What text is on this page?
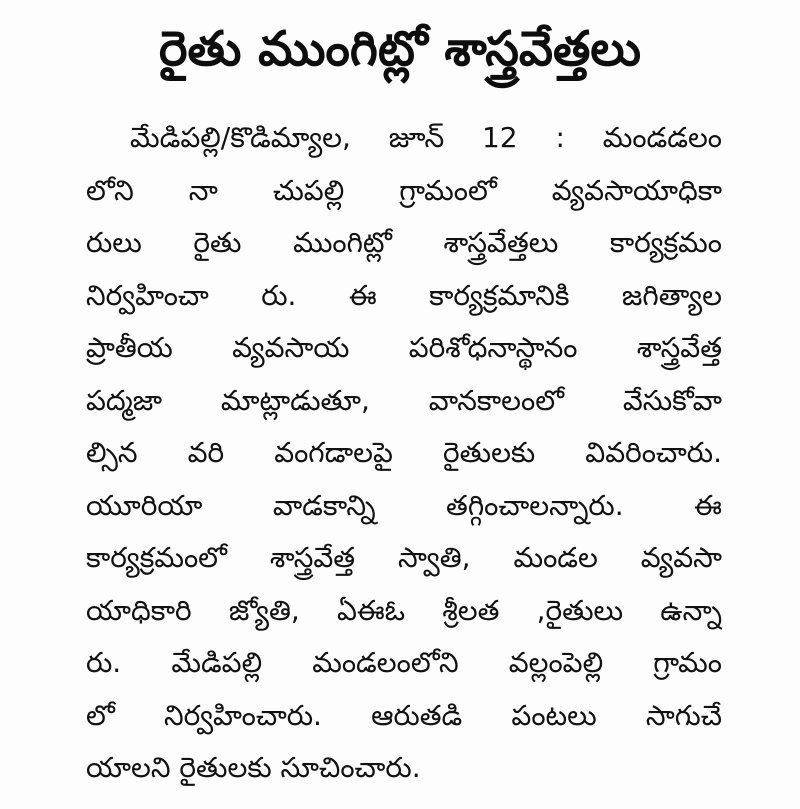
రైతు ముంగిట్లో శాస్త్రవేత్తలు
మేడిపల్లి/కొడిమ్యాల, జూన్ 12 : మండడలం
లోని నా చుపల్లి గ్రామంలో వ్యవసాయాధికా
రులు రైతు ముంగిట్లో శాస్త్రవేత్తలు కార్యక్రమం
నిర్వహించా రు. ఈ కార్యక్రమానికి జగిత్యాల
ప్రాతీయ వ్యవసాయ పరిశోధనాస్థానం శాస్త్రవేత్త
పద్మజా మాట్లాడుతూ, వానకాలంలో వేసుకోవా
ల్సిన వరి వంగడాలపై రైతులకు వివరించారు.
యూరియా వాడకాన్ని తగ్గించాలన్నారు. ఈ
కార్యక్రమంలో శాస్త్రవేత్త స్వాతి, మండల వ్యవసా
యాధికారి జ్యోతి, ఏఈఓ శ్రీలత ,రైతులు ఉన్నా
రు. మేడిపల్లి మండలంలోని వల్లంపెల్లి గ్రామం
లో నిర్వహించారు. ఆరుతడి పంటలు సాగుచే
యాలని రైతులకు సూచించారు.
